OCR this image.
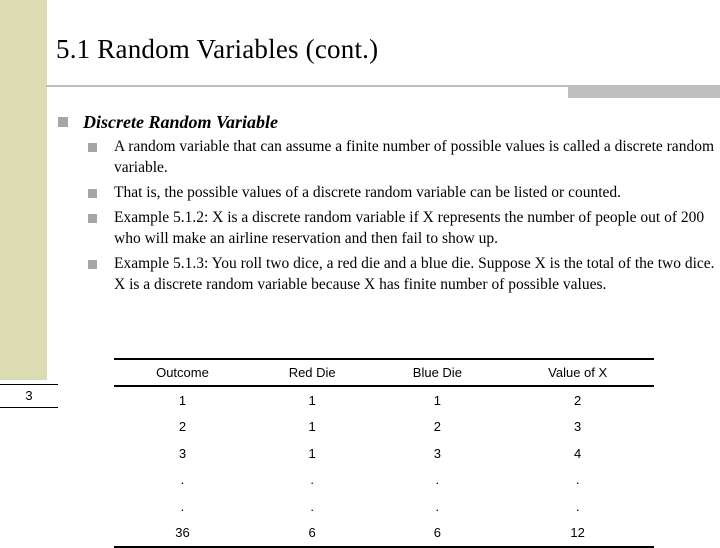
3
5.1 Random Variables (cont.)
Discrete Random Variable
A random variable that can assume a finite number of possible values is called a discrete random variable.
That is, the possible values of a discrete random variable can be listed or counted.
Example 5.1.2: X is a discrete random variable if X represents the number of people out of 200 who will make an airline reservation and then fail to show up.
Example 5.1.3: You roll two dice, a red die and a blue die. Suppose X is the total of the two dice. X is a discrete random variable because X has finite number of possible values.
Outcome	Red Die	Blue Die	Value of X
1	1	1	2
2	1	2	3
3	1	3	4
.	.	.	.
.	.	.	.
36	6	6	12
